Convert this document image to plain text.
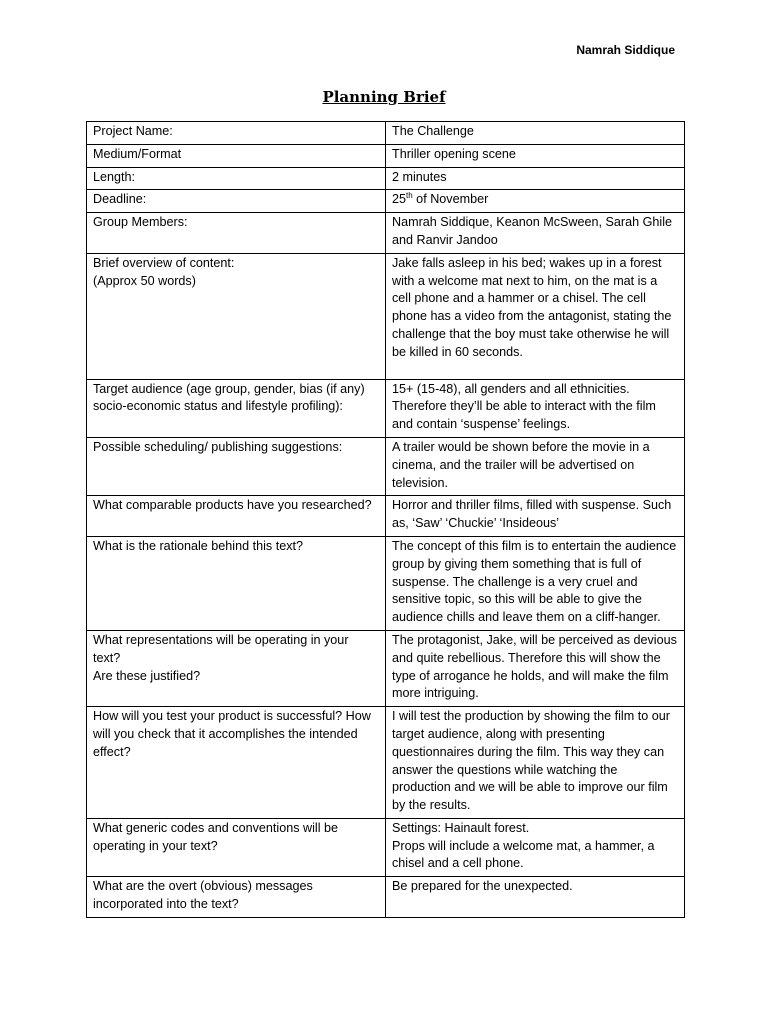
Namrah Siddique
Planning Brief
Project Name:	The Challenge
Medium/Format	Thriller opening scene
Length:	2 minutes
Deadline:	25th of November
Group Members:	Namrah Siddique, Keanon McSween, Sarah Ghile and Ranvir Jandoo
Brief overview of content:
(Approx 50 words)	Jake falls asleep in his bed; wakes up in a forest with a welcome mat next to him, on the mat is a cell phone and a hammer or a chisel. The cell phone has a video from the antagonist, stating the challenge that the boy must take otherwise he will be killed in 60 seconds.
Target audience (age group, gender, bias (if any) socio-economic status and lifestyle profiling):	15+ (15-48), all genders and all ethnicities. Therefore they’ll be able to interact with the film and contain ‘suspense’ feelings.
Possible scheduling/ publishing suggestions:	A trailer would be shown before the movie in a cinema, and the trailer will be advertised on television.
What comparable products have you researched?	Horror and thriller films, filled with suspense. Such as, ‘Saw’ ‘Chuckie’ ‘Insideous’
What is the rationale behind this text?	The concept of this film is to entertain the audience group by giving them something that is full of suspense. The challenge is a very cruel and sensitive topic, so this will be able to give the audience chills and leave them on a cliff-hanger.
What representations will be operating in your text?
Are these justified?	The protagonist, Jake, will be perceived as devious and quite rebellious. Therefore this will show the type of arrogance he holds, and will make the film more intriguing.
How will you test your product is successful? How will you check that it accomplishes the intended effect?	I will test the production by showing the film to our target audience, along with presenting questionnaires during the film. This way they can answer the questions while watching the production and we will be able to improve our film by the results.
What generic codes and conventions will be operating in your text?	Settings: Hainault forest.
Props will include a welcome mat, a hammer, a chisel and a cell phone.
What are the overt (obvious) messages incorporated into the text?	Be prepared for the unexpected.
